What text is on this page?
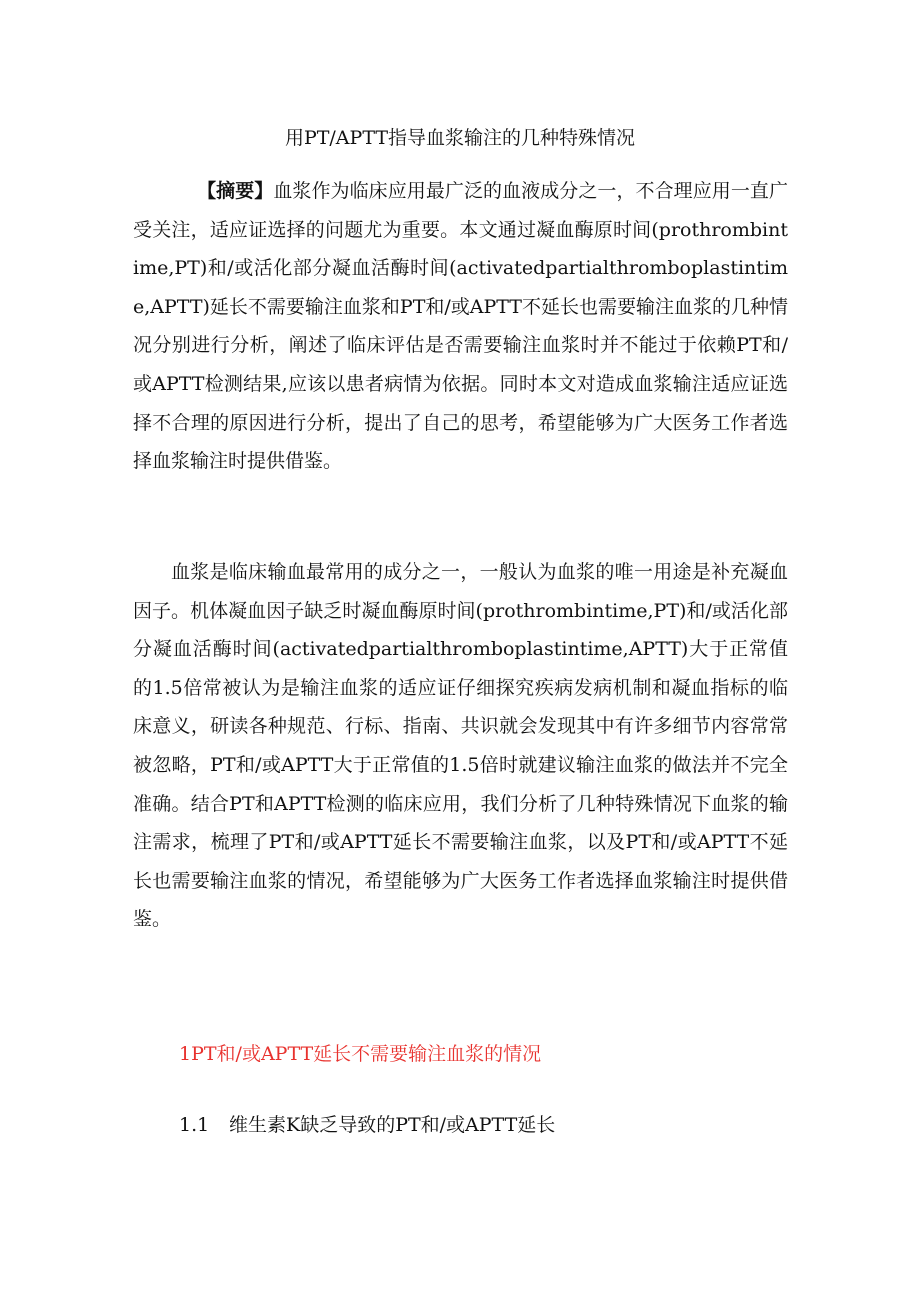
用PT/APTT指导血浆输注的几种特殊情况

【摘要】血浆作为临床应用最广泛的血液成分之一，不合理应用一直广受关注，适应证选择的问题尤为重要。本文通过凝血酶原时间(prothrombintime,PT)和/或活化部分凝血活酶时间(activatedpartialthromboplastintime,APTT)延长不需要输注血浆和PT和/或APTT不延长也需要输注血浆的几种情况分别进行分析，阐述了临床评估是否需要输注血浆时并不能过于依赖PT和/或APTT检测结果,应该以患者病情为依据。同时本文对造成血浆输注适应证选择不合理的原因进行分析，提出了自己的思考，希望能够为广大医务工作者选择血浆输注时提供借鉴。

血浆是临床输血最常用的成分之一，一般认为血浆的唯一用途是补充凝血因子。机体凝血因子缺乏时凝血酶原时间(prothrombintime,PT)和/或活化部分凝血活酶时间(activatedpartialthromboplastintime,APTT)大于正常值的1.5倍常被认为是输注血浆的适应证仔细探究疾病发病机制和凝血指标的临床意义，研读各种规范、行标、指南、共识就会发现其中有许多细节内容常常被忽略，PT和/或APTT大于正常值的1.5倍时就建议输注血浆的做法并不完全准确。结合PT和APTT检测的临床应用，我们分析了几种特殊情况下血浆的输注需求，梳理了PT和/或APTT延长不需要输注血浆，以及PT和/或APTT不延长也需要输注血浆的情况，希望能够为广大医务工作者选择血浆输注时提供借鉴。

1PT和/或APTT延长不需要输注血浆的情况
1.1 维生素K缺乏导致的PT和/或APTT延长
